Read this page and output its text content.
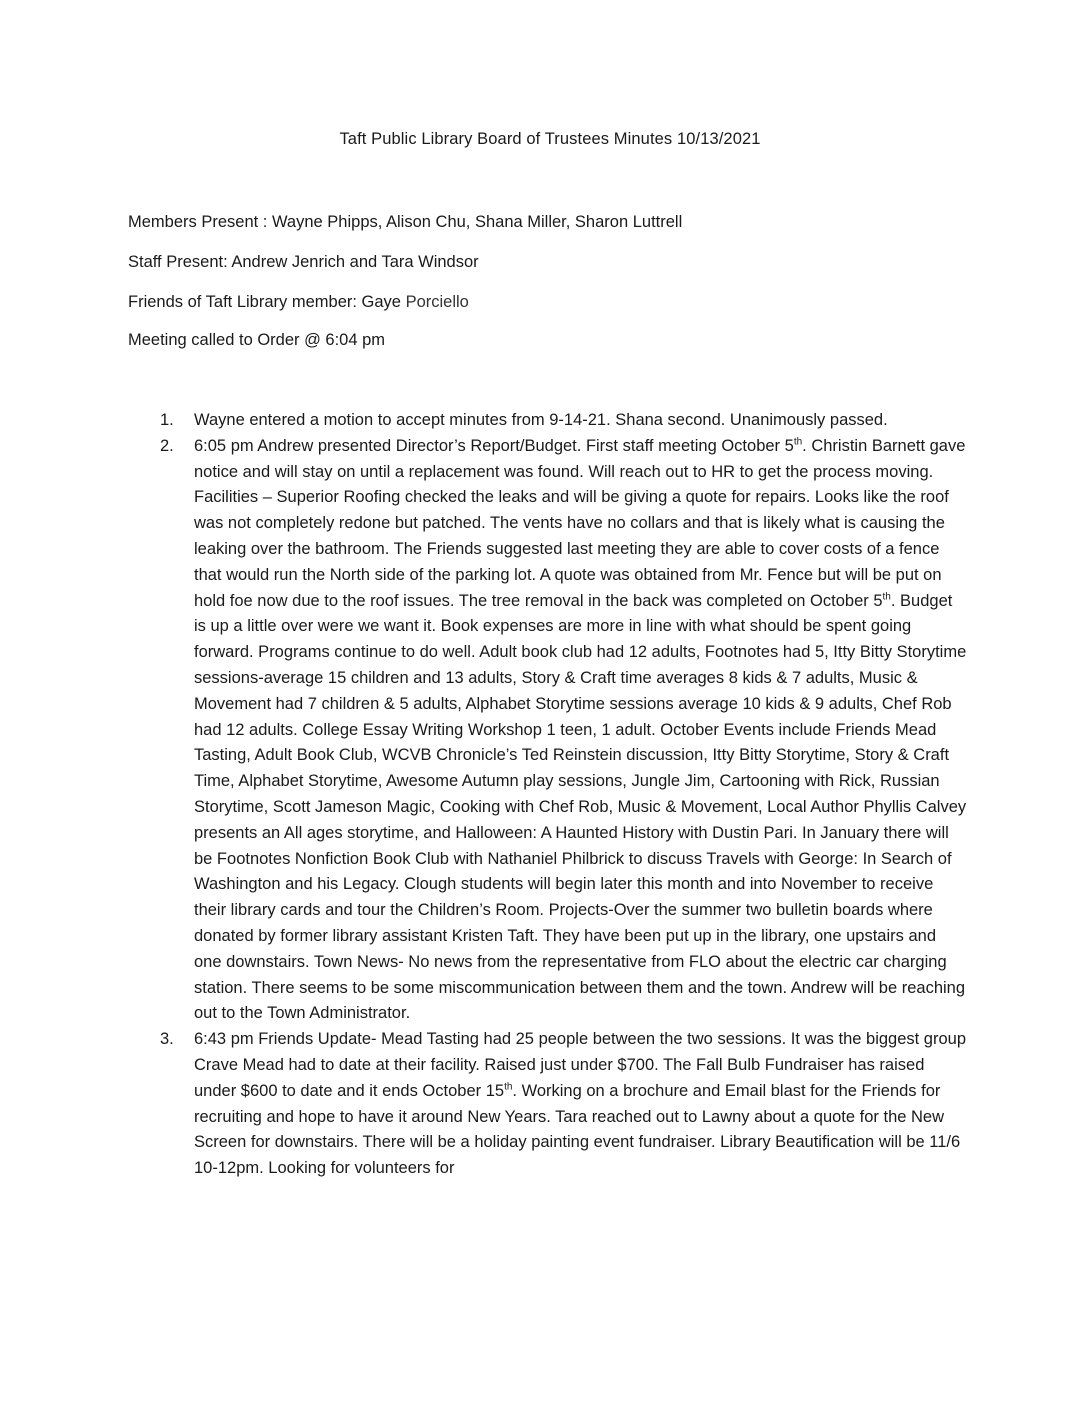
Taft Public Library Board of Trustees Minutes 10/13/2021
Members Present : Wayne Phipps, Alison Chu, Shana Miller, Sharon Luttrell
Staff Present: Andrew Jenrich and Tara Windsor
Friends of Taft Library member: Gaye Porciello
Meeting called to Order @ 6:04 pm
1. Wayne entered a motion to accept minutes from 9-14-21. Shana second. Unanimously passed.
2. 6:05 pm Andrew presented Director’s Report/Budget. First staff meeting October 5th. Christin Barnett gave notice and will stay on until a replacement was found. Will reach out to HR to get the process moving. Facilities – Superior Roofing checked the leaks and will be giving a quote for repairs. Looks like the roof was not completely redone but patched. The vents have no collars and that is likely what is causing the leaking over the bathroom. The Friends suggested last meeting they are able to cover costs of a fence that would run the North side of the parking lot. A quote was obtained from Mr. Fence but will be put on hold foe now due to the roof issues. The tree removal in the back was completed on October 5th. Budget is up a little over were we want it. Book expenses are more in line with what should be spent going forward. Programs continue to do well. Adult book club had 12 adults, Footnotes had 5, Itty Bitty Storytime sessions-average 15 children and 13 adults, Story & Craft time averages 8 kids & 7 adults, Music & Movement had 7 children & 5 adults, Alphabet Storytime sessions average 10 kids & 9 adults, Chef Rob had 12 adults. College Essay Writing Workshop 1 teen, 1 adult. October Events include Friends Mead Tasting, Adult Book Club, WCVB Chronicle’s Ted Reinstein discussion, Itty Bitty Storytime, Story & Craft Time, Alphabet Storytime, Awesome Autumn play sessions, Jungle Jim, Cartooning with Rick, Russian Storytime, Scott Jameson Magic, Cooking with Chef Rob, Music & Movement, Local Author Phyllis Calvey presents an All ages storytime, and Halloween: A Haunted History with Dustin Pari. In January there will be Footnotes Nonfiction Book Club with Nathaniel Philbrick to discuss Travels with George: In Search of Washington and his Legacy. Clough students will begin later this month and into November to receive their library cards and tour the Children’s Room. Projects-Over the summer two bulletin boards where donated by former library assistant Kristen Taft. They have been put up in the library, one upstairs and one downstairs. Town News- No news from the representative from FLO about the electric car charging station. There seems to be some miscommunication between them and the town. Andrew will be reaching out to the Town Administrator.
3. 6:43 pm Friends Update- Mead Tasting had 25 people between the two sessions. It was the biggest group Crave Mead had to date at their facility. Raised just under $700. The Fall Bulb Fundraiser has raised under $600 to date and it ends October 15th. Working on a brochure and Email blast for the Friends for recruiting and hope to have it around New Years. Tara reached out to Lawny about a quote for the New Screen for downstairs. There will be a holiday painting event fundraiser. Library Beautification will be 11/6 10-12pm. Looking for volunteers for
